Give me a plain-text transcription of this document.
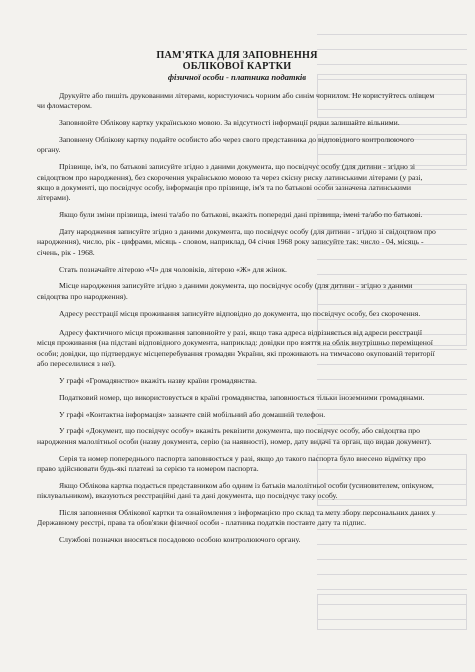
ПАМ'ЯТКА ДЛЯ ЗАПОВНЕННЯ

ОБЛІКОВОЇ КАРТКИ

фізичної особи - платника податків

Друкуйте або пишіть друкованими літерами, користуючись чорним або синім чорнилом. Не користуйтесь олівцем чи фломастером.

Заповнюйте Облікову картку українською мовою. За відсутності інформації рядки залишайте вільними.

Заповнену Облікову картку подайте особисто або через свого представника до відповідного контролюючого органу.

Прізвище, ім'я, по батькові записуйте згідно з даними документа, що посвідчує особу (для дитини - згідно зі свідоцтвом про народження), без скорочення українською мовою та через скісну риску латинськими літерами (у разі, якщо в документі, що посвідчує особу, інформація про прізвище, ім'я та по батькові особи зазначена латинськими літерами).

Якщо були зміни прізвища, імені та/або по батькові, вкажіть попередні дані прізвища, імені та/або по батькові.

Дату народження записуйте згідно з даними документа, що посвідчує особу (для дитини - згідно зі свідоцтвом про народження), число, рік - цифрами, місяць - словом, наприклад, 04 січня 1968 року записуйте так: число - 04, місяць - січень, рік - 1968.

Стать позначайте літерою «Ч» для чоловіків, літерою «Ж» для жінок.

Місце народження записуйте згідно з даними документа, що посвідчує особу (для дитини - згідно з даними свідоцтва про народження).

Адресу реєстрації місця проживання записуйте відповідно до документа, що посвідчує особу, без скорочення.

Адресу фактичного місця проживання заповнюйте у разі, якщо така адреса відрізняється від адреси реєстрації місця проживання (на підставі відповідного документа, наприклад: довідки про взяття на облік внутрішньо переміщеної особи; довідки, що підтверджує місцеперебування громадян України, які проживають на тимчасово окупованій території або переселилися з неї).

У графі «Громадянство» вкажіть назву країни громадянства.

Податковий номер, що використовується в країні громадянства, заповнюється тільки іноземними громадянами.

У графі «Контактна інформація» зазначте свій мобільний або домашній телефон.

У графі «Документ, що посвідчує особу» вкажіть реквізити документа, що посвідчує особу, або свідоцтва про народження малолітньої особи (назву документа, серію (за наявності), номер, дату видачі та орган, що видав документ).

Серія та номер попереднього паспорта заповнюється у разі, якщо до такого паспорта було внесено відмітку про право здійснювати будь-які платежі за серією та номером паспорта.

Якщо Облікова картка подається представником або одним із батьків малолітньої особи (усиновителем, опікуном, піклувальником), вказуються реєстраційні дані та дані документа, що посвідчує таку особу.

Після заповнення Облікової картки та ознайомлення з інформацією про склад та мету збору персональних даних у Державному реєстрі, права та обов'язки фізичної особи - платника податків поставте дату та підпис.

Службові позначки вносяться посадовою особою контролюючого органу.
